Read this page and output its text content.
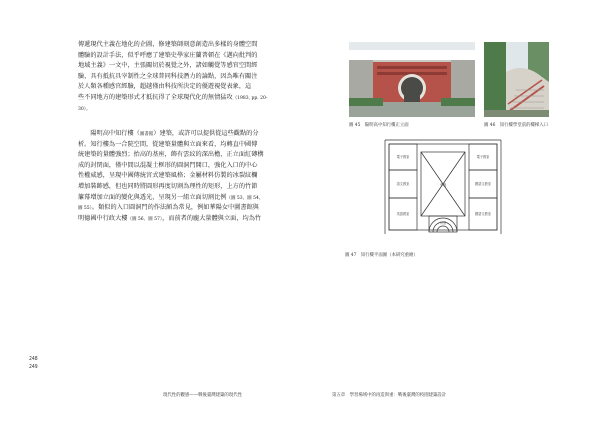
傳遞現代主義在地化的企圖，修建築師刻意創造出多樣的身體空間
體驗的設計手法，似乎呼應了建築史學家庄蘭普頓在《邁向批判的
地域主義》一文中，主張關切於視覺之外，諸如觸覺等感官空間經
驗，具有抵抗具宰制性之全球普同科技潛力的論點，因為唯有關注
於人類各種感官經驗，超越僅由科技所決定的優遊視覺表象，這
些不同地方的建築形式才抵抗得了全球現代化的無情猛攻（1983, pp. 20-
30）。
　　陽明高中知行樓（圖書館）建築，或許可以提供從這些觀點的分
析。知行樓為一合院空間，從建築量體與立面來看，均轉直中國傳
統建築的量體強烈；抬高的基座，飾有雲紋的深出檐，正立面紅磚構
成的封閉面，僅中間以混凝土框形的圓洞門開口，強化入口的中心
性權威感，呈現中國傳統宮式建築風格；金屬材料仿製的冰裂紋欄
增加裝飾感，但也同時將圓形再度切割為理性的矩形，上方的竹節
簾幕增加立面的變化與透光，呈現另一組立面切割比例（圖 53、圖 54、
圖 55）。類似的入口圓洞門的作法頗為常見，例如華陽女中圖書館與
明德國中行政大樓（圖 56、圖 57），而前者的龐大量體與立面，均為竹
248
249
現代性的觀感——戰後臺灣建築的現代性
圖 45　陽明高中知行樓正立面	圖 46　知行樓學堂前的樓梯入口
電子教室	電子教室
語文教室	國語文教室
英語教室	國語文教室
中庭
川堂
圖 47　知行樓平面圖（本研究重繪）
第五章　學習場域中的再造與重：戰後臺灣的校園建築設計
